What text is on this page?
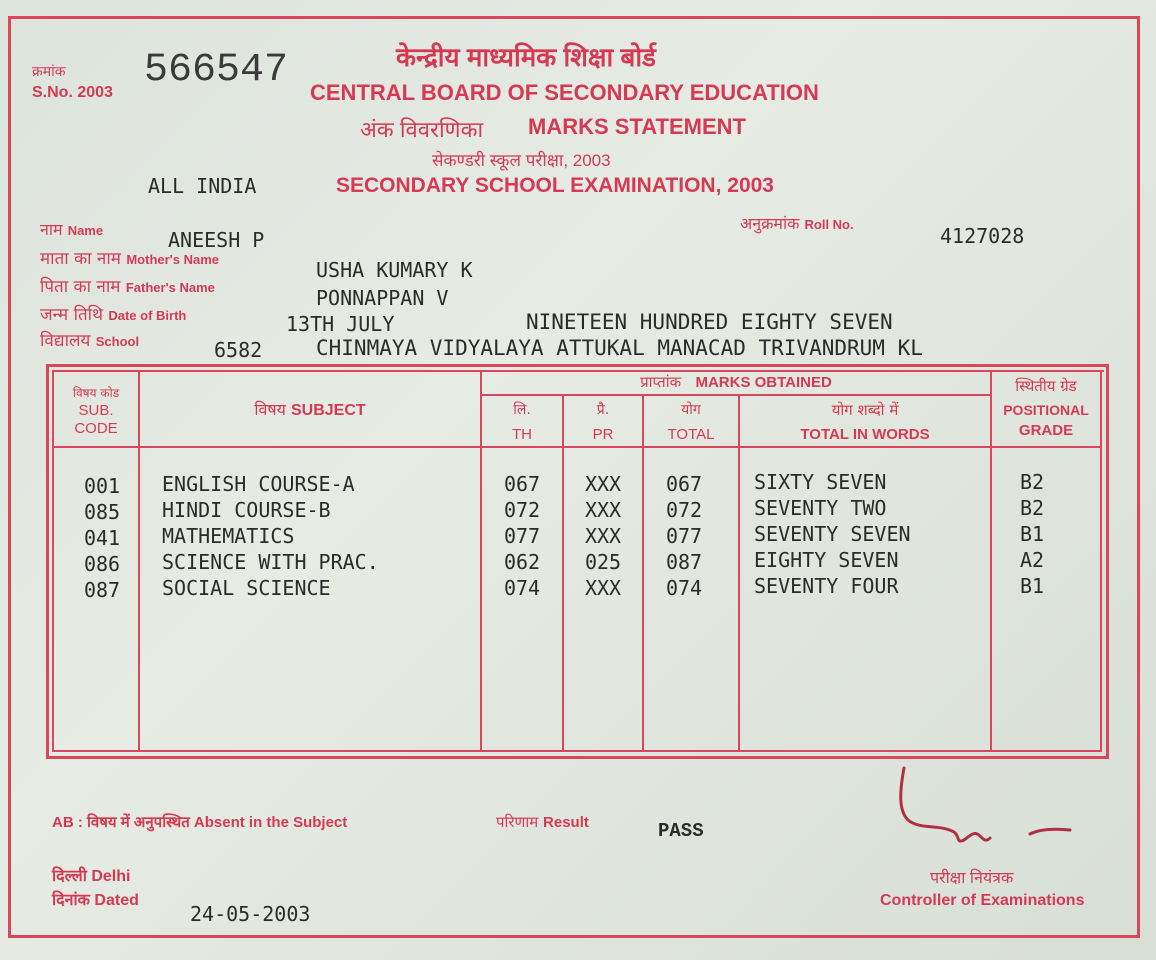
क्रमांक
S.No. 2003 566547	केन्द्रीय माध्यमिक शिक्षा बोर्ड
CENTRAL BOARD OF SECONDARY EDUCATION
अंक विवरणिका MARKS STATEMENT
सेकण्डरी स्कूल परीक्षा, 2003
ALL INDIA	SECONDARY SCHOOL EXAMINATION, 2003
नाम Name	ANEESH P
अनुक्रमांक Roll No.	4127028
माता का नाम Mother's Name	USHA KUMARY K
पिता का नाम Father's Name	PONNAPPAN V
जन्म तिथि Date of Birth	13TH JULY	NINETEEN HUNDRED EIGHTY SEVEN
विद्यालय School	6582	CHINMAYA VIDYALAYA ATTUKAL MANACAD TRIVANDRUM KL
विषय कोड
SUB.
CODE
विषय SUBJECT
प्राप्तांक MARKS OBTAINED
लि.
TH
प्रै.
PR
योग
TOTAL
योग शब्दो में
TOTAL IN WORDS
स्थितीय ग्रेड
POSITIONAL
GRADE
001	ENGLISH COURSE-A	067	XXX	067	SIXTY SEVEN	B2
085	HINDI COURSE-B	072	XXX	072	SEVENTY TWO	B2
041	MATHEMATICS	077	XXX	077	SEVENTY SEVEN	B1
086	SCIENCE WITH PRAC.	062	025	087	EIGHTY SEVEN	A2
087	SOCIAL SCIENCE	074	XXX	074	SEVENTY FOUR	B1
AB : विषय में अनुपस्थित Absent in the Subject	परिणाम Result	PASS
दिल्ली Delhi
दिनांक Dated
24-05-2003
परीक्षा नियंत्रक
Controller of Examinations
